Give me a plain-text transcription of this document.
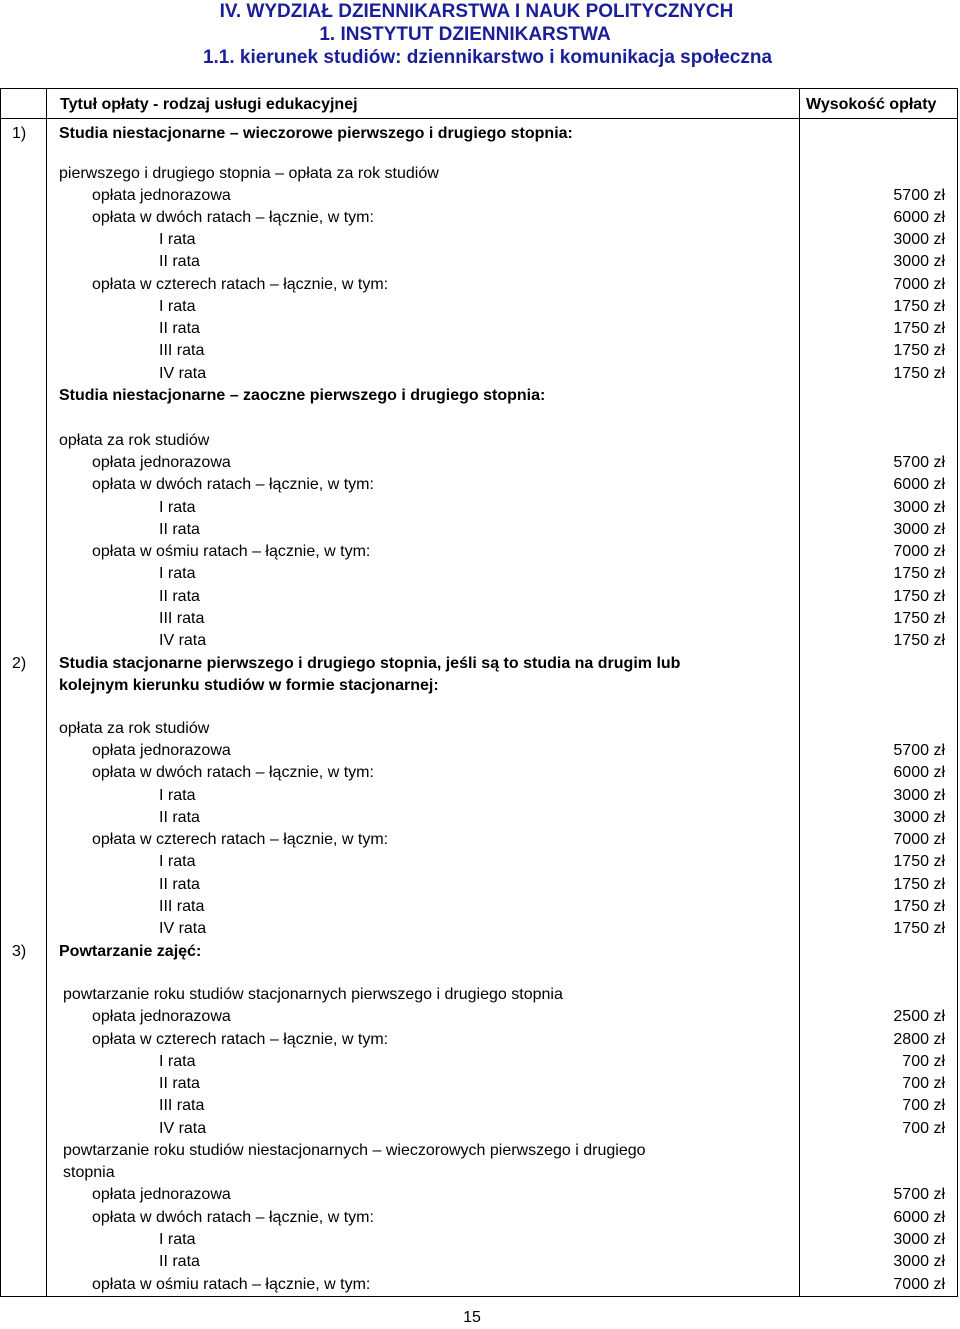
IV. WYDZIAŁ DZIENNIKARSTWA I NAUK POLITYCZNYCH
1. INSTYTUT DZIENNIKARSTWA
1.1. kierunek studiów: dziennikarstwo i komunikacja społeczna
Tytuł opłaty - rodzaj usługi edukacyjnej	Wysokość opłaty
1) Studia niestacjonarne – wieczorowe pierwszego i drugiego stopnia:
pierwszego i drugiego stopnia – opłata za rok studiów
opłata jednorazowa	5700 zł
opłata w dwóch ratach – łącznie, w tym:	6000 zł
I rata	3000 zł
II rata	3000 zł
opłata w czterech ratach – łącznie, w tym:	7000 zł
I rata	1750 zł
II rata	1750 zł
III rata	1750 zł
IV rata	1750 zł
Studia niestacjonarne – zaoczne pierwszego i drugiego stopnia:
opłata za rok studiów
opłata jednorazowa	5700 zł
opłata w dwóch ratach – łącznie, w tym:	6000 zł
I rata	3000 zł
II rata	3000 zł
opłata w ośmiu ratach – łącznie, w tym:	7000 zł
I rata	1750 zł
II rata	1750 zł
III rata	1750 zł
IV rata	1750 zł
2) Studia stacjonarne pierwszego i drugiego stopnia, jeśli są to studia na drugim lub
kolejnym kierunku studiów w formie stacjonarnej:
opłata za rok studiów
opłata jednorazowa	5700 zł
opłata w dwóch ratach – łącznie, w tym:	6000 zł
I rata	3000 zł
II rata	3000 zł
opłata w czterech ratach – łącznie, w tym:	7000 zł
I rata	1750 zł
II rata	1750 zł
III rata	1750 zł
IV rata	1750 zł
3) Powtarzanie zajęć:
powtarzanie roku studiów stacjonarnych pierwszego i drugiego stopnia
opłata jednorazowa	2500 zł
opłata w czterech ratach – łącznie, w tym:	2800 zł
I rata	700 zł
II rata	700 zł
III rata	700 zł
IV rata	700 zł
powtarzanie roku studiów niestacjonarnych – wieczorowych pierwszego i drugiego
stopnia
opłata jednorazowa	5700 zł
opłata w dwóch ratach – łącznie, w tym:	6000 zł
I rata	3000 zł
II rata	3000 zł
opłata w ośmiu ratach – łącznie, w tym:	7000 zł
15
